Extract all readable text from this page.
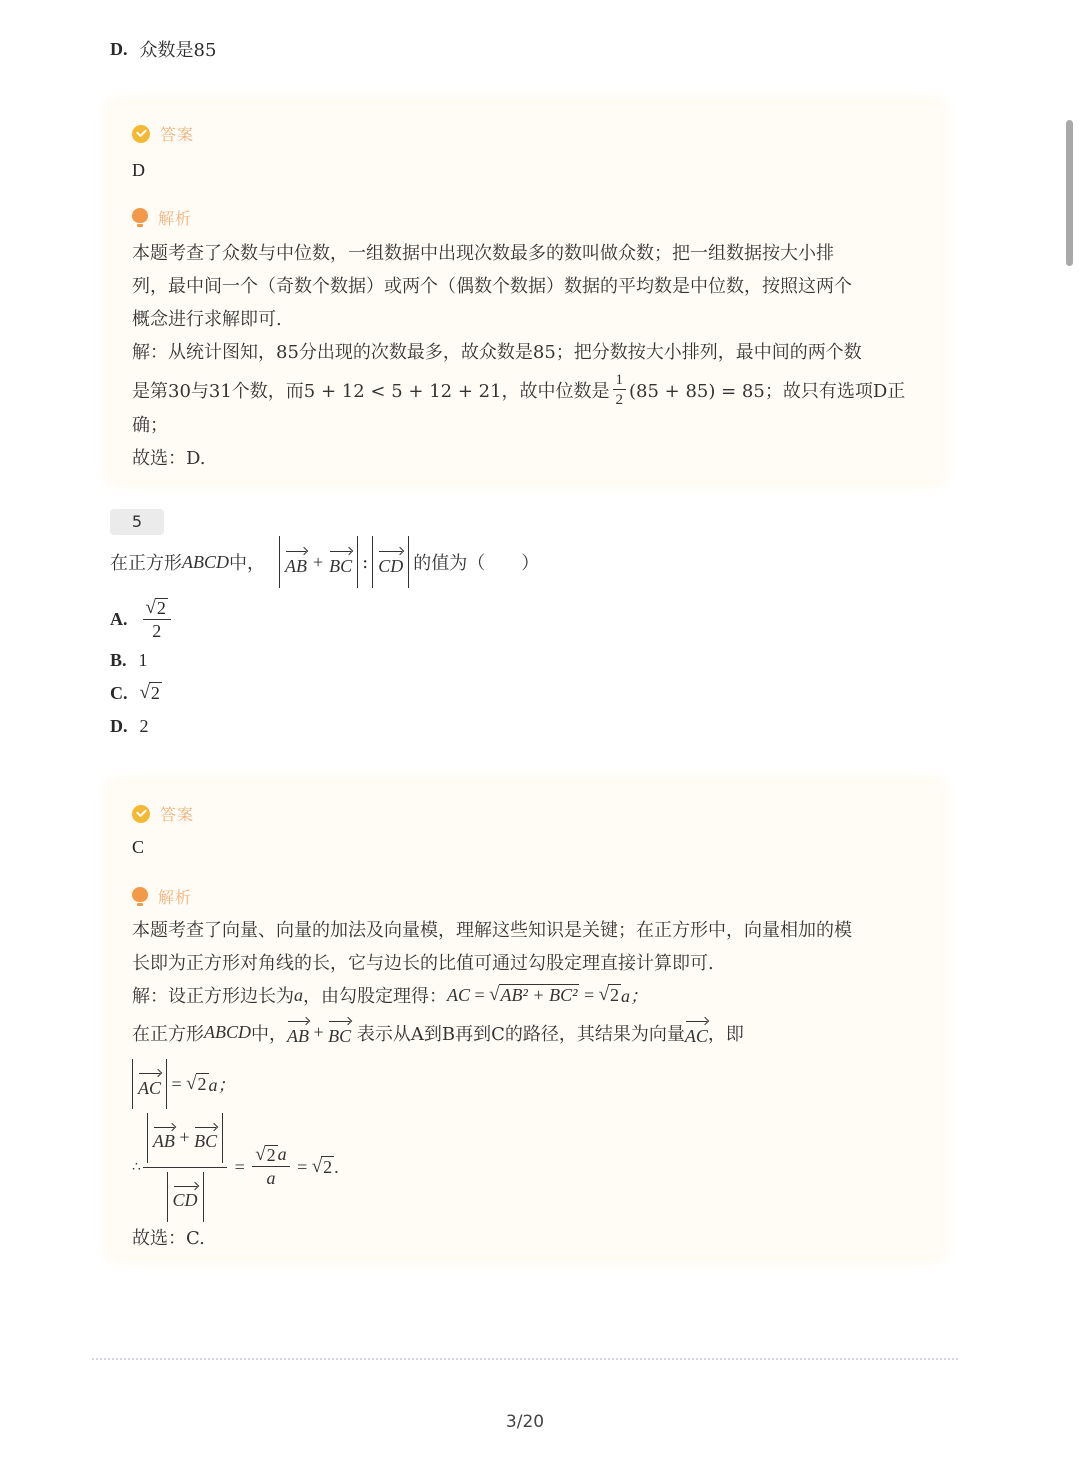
D. 众数是85
答案
D
解析
本题考查了众数与中位数，一组数据中出现次数最多的数叫做众数；把一组数据按大小排
列，最中间一个（奇数个数据）或两个（偶数个数据）数据的平均数是中位数，按照这两个
概念进行求解即可.
解：从统计图知，85分出现的次数最多，故众数是85；把分数按大小排列，最中间的两个数
是第30与31个数，而5 + 12 < 5 + 12 + 21，故中位数是 $\frac{1}{2} (85 + 85) = 85$；故只有选项D正
确；
故选：D.
5
在正方形 ABCD 中， AB + BC : CD 的值为（　　）
A. $\frac{√ 2}{2}$
B. 1
C. √ 2
D. 2
答案
C
解析
本题考查了向量、向量的加法及向量模，理解这些知识是关键；在正方形中，向量相加的模
长即为正方形对角线的长，它与边长的比值可通过勾股定理直接计算即可.
解：设正方形边长为 a ，由勾股定理得： AC = √ AB² + BC² = √ 2 a；
在正方形 ABCD 中， AB + BC 表示从A到B再到C的路径，其结果为向量 AC ，即
AC = √ 2 a；
∴ $\frac{AB + BC}{CD} = \frac{√ 2 a}{a}$ = √ 2 .
故选：C.
3/20
